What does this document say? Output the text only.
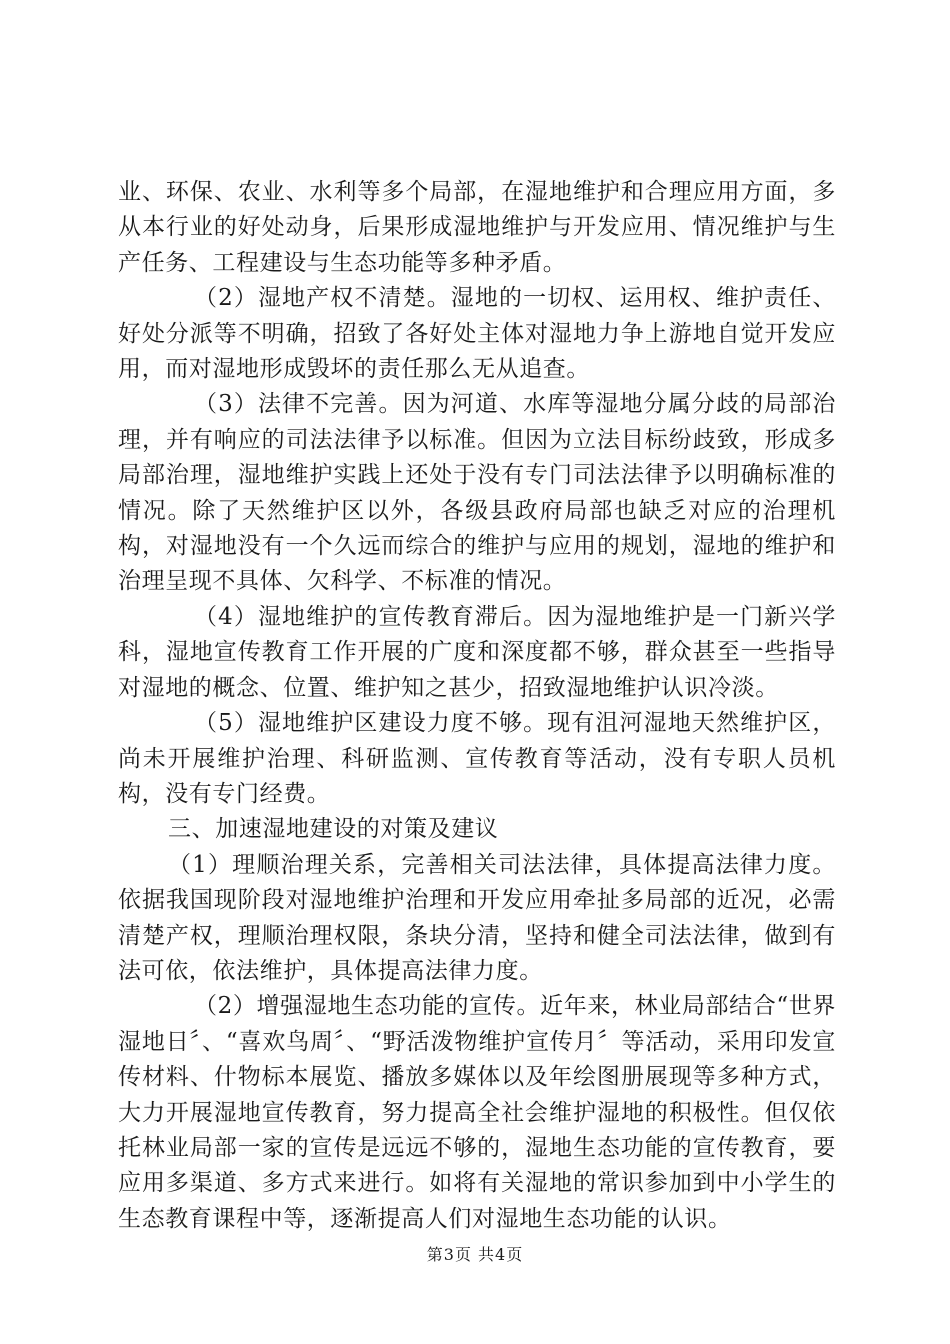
业、环保、农业、水利等多个局部，在湿地维护和合理应用方面，多从本行业的好处动身，后果形成湿地维护与开发应用、情况维护与生产任务、工程建设与生态功能等多种矛盾。

（2）湿地产权不清楚。湿地的一切权、运用权、维护责任、好处分派等不明确，招致了各好处主体对湿地力争上游地自觉开发应用，而对湿地形成毁坏的责任那么无从追查。

（3）法律不完善。因为河道、水库等湿地分属分歧的局部治理，并有响应的司法法律予以标准。但因为立法目标纷歧致，形成多局部治理，湿地维护实践上还处于没有专门司法法律予以明确标准的情况。除了天然维护区以外，各级县政府局部也缺乏对应的治理机构，对湿地没有一个久远而综合的维护与应用的规划，湿地的维护和治理呈现不具体、欠科学、不标准的情况。

（4）湿地维护的宣传教育滞后。因为湿地维护是一门新兴学科，湿地宣传教育工作开展的广度和深度都不够，群众甚至一些指导对湿地的概念、位置、维护知之甚少，招致湿地维护认识冷淡。

（5）湿地维护区建设力度不够。现有沮河湿地天然维护区，尚未开展维护治理、科研监测、宣传教育等活动，没有专职人员机构，没有专门经费。

三、加速湿地建设的对策及建议

（1）理顺治理关系，完善相关司法法律，具体提高法律力度。依据我国现阶段对湿地维护治理和开发应用牵扯多局部的近况，必需清楚产权，理顺治理权限，条块分清，坚持和健全司法法律，做到有法可依，依法维护，具体提高法律力度。

（2）增强湿地生态功能的宣传。近年来，林业局部结合“世界湿地日〞、“喜欢鸟周〞、“野活泼物维护宣传月〞等活动，采用印发宣传材料、什物标本展览、播放多媒体以及年绘图册展现等多种方式，大力开展湿地宣传教育，努力提高全社会维护湿地的积极性。但仅依托林业局部一家的宣传是远远不够的，湿地生态功能的宣传教育，要应用多渠道、多方式来进行。如将有关湿地的常识参加到中小学生的生态教育课程中等，逐渐提高人们对湿地生态功能的认识。

第3页 共4页
